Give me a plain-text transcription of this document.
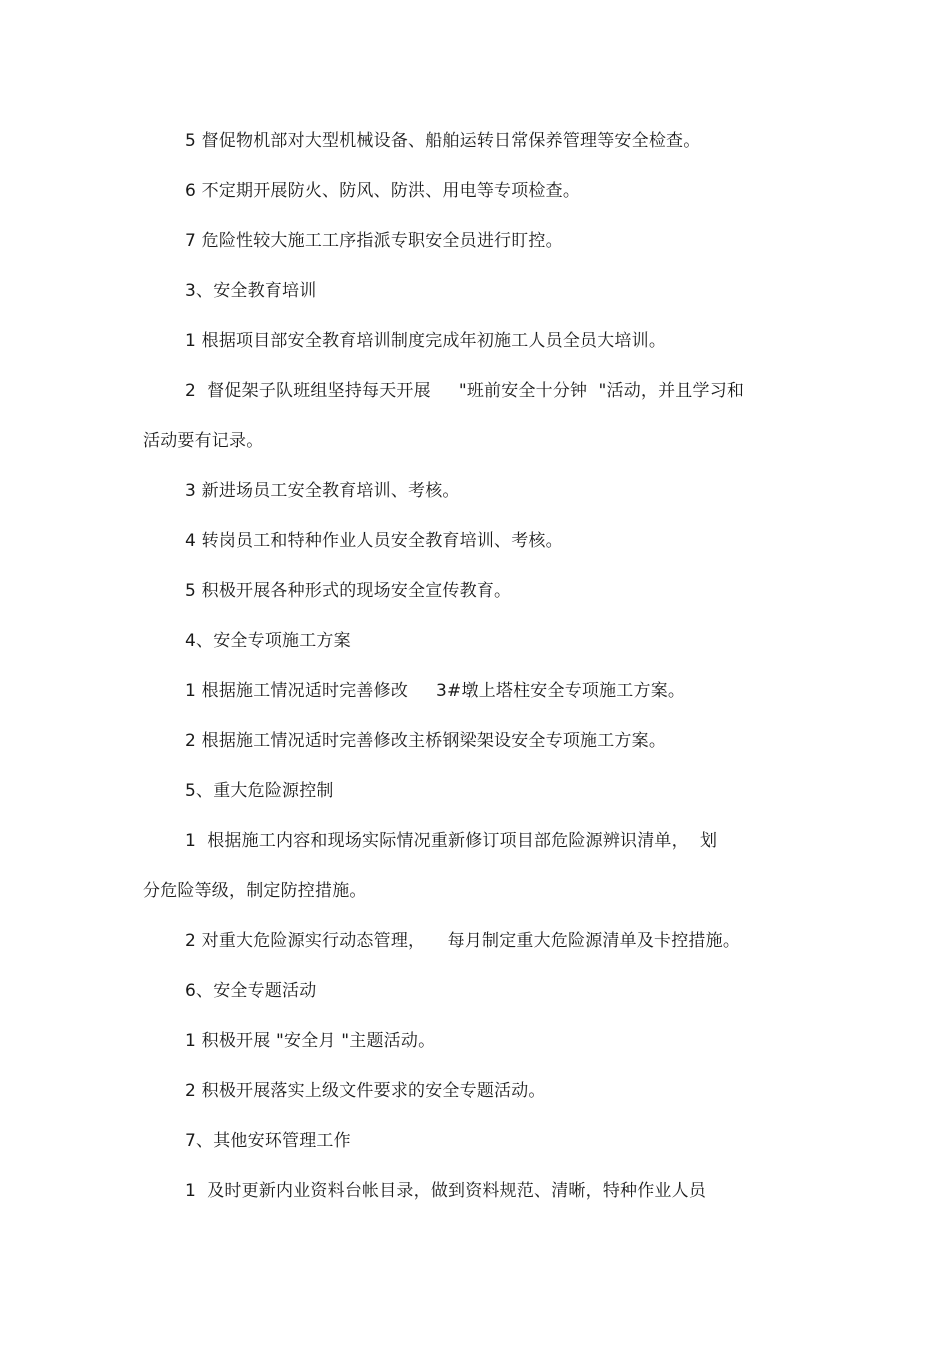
5 督促物机部对大型机械设备、船舶运转日常保养管理等安全检查。
6 不定期开展防火、防风、防洪、用电等专项检查。
7 危险性较大施工工序指派专职安全员进行盯控。
3、安全教育培训
1 根据项目部安全教育培训制度完成年初施工人员全员大培训。
2  督促架子队班组坚持每天开展     "班前安全十分钟  "活动，并且学习和
活动要有记录。
3 新进场员工安全教育培训、考核。
4 转岗员工和特种作业人员安全教育培训、考核。
5 积极开展各种形式的现场安全宣传教育。
4、安全专项施工方案
1 根据施工情况适时完善修改     3#墩上塔柱安全专项施工方案。
2 根据施工情况适时完善修改主桥钢梁架设安全专项施工方案。
5、重大危险源控制
1  根据施工内容和现场实际情况重新修订项目部危险源辨识清单，  划
分危险等级，制定防控措施。
2 对重大危险源实行动态管理，    每月制定重大危险源清单及卡控措施。
6、安全专题活动
1 积极开展 "安全月 "主题活动。
2 积极开展落实上级文件要求的安全专题活动。
7、其他安环管理工作
1  及时更新内业资料台帐目录，做到资料规范、清晰，特种作业人员
